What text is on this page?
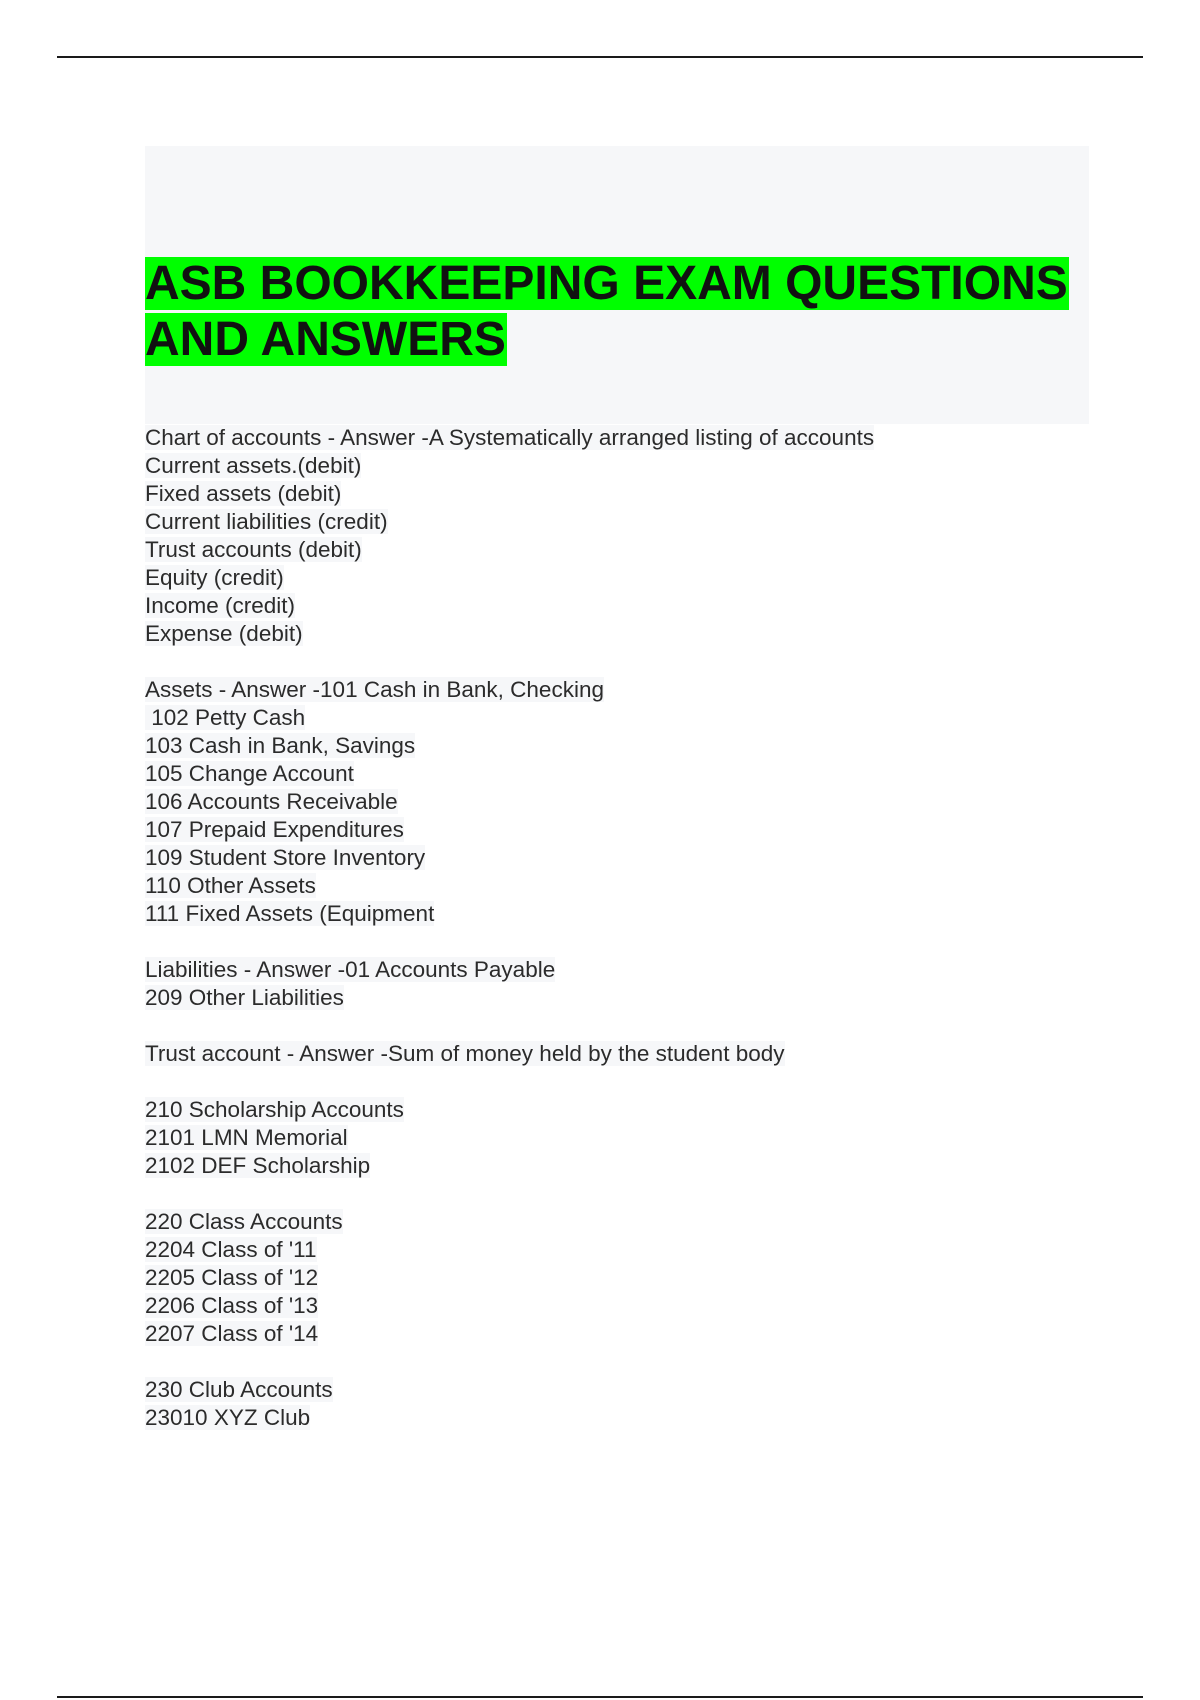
ASB BOOKKEEPING EXAM QUESTIONS
AND ANSWERS
Chart of accounts - Answer -A Systematically arranged listing of accounts
Current assets.(debit)
Fixed assets (debit)
Current liabilities (credit)
Trust accounts (debit)
Equity (credit)
Income (credit)
Expense (debit)
Assets - Answer -101 Cash in Bank, Checking
102 Petty Cash
103 Cash in Bank, Savings
105 Change Account
106 Accounts Receivable
107 Prepaid Expenditures
109 Student Store Inventory
110 Other Assets
111 Fixed Assets (Equipment
Liabilities - Answer -01 Accounts Payable
209 Other Liabilities
Trust account - Answer -Sum of money held by the student body
210 Scholarship Accounts
2101 LMN Memorial
2102 DEF Scholarship
220 Class Accounts
2204 Class of '11
2205 Class of '12
2206 Class of '13
2207 Class of '14
230 Club Accounts
23010 XYZ Club
